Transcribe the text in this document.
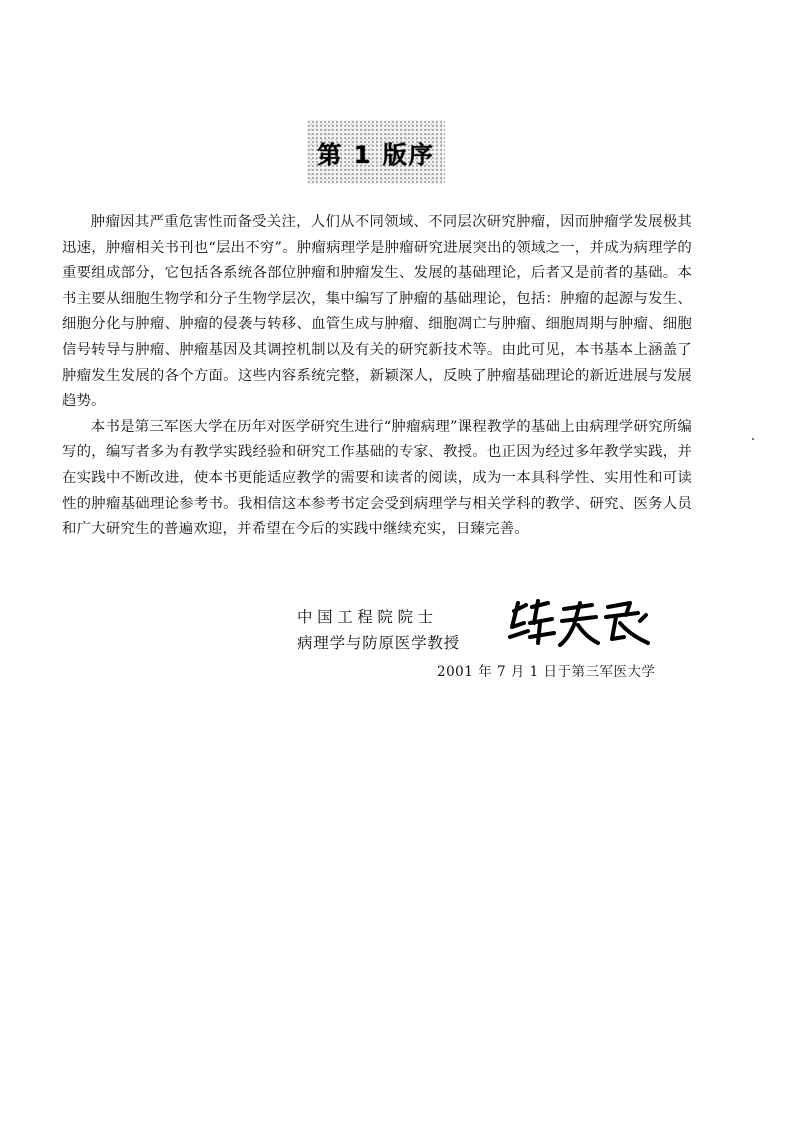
第 1 版序

肿瘤因其严重危害性而备受关注，人们从不同领域、不同层次研究肿瘤，因而肿瘤学发展极其迅速，肿瘤相关书刊也“层出不穷”。肿瘤病理学是肿瘤研究进展突出的领域之一，并成为病理学的重要组成部分，它包括各系统各部位肿瘤和肿瘤发生、发展的基础理论，后者又是前者的基础。本书主要从细胞生物学和分子生物学层次，集中编写了肿瘤的基础理论，包括：肿瘤的起源与发生、细胞分化与肿瘤、肿瘤的侵袭与转移、血管生成与肿瘤、细胞凋亡与肿瘤、细胞周期与肿瘤、细胞信号转导与肿瘤、肿瘤基因及其调控机制以及有关的研究新技术等。由此可见，本书基本上涵盖了肿瘤发生发展的各个方面。这些内容系统完整，新颖深人，反映了肿瘤基础理论的新近进展与发展趋势。

本书是第三军医大学在历年对医学研究生进行“肿瘤病理”课程教学的基础上由病理学研究所编写的，编写者多为有教学实践经验和研究工作基础的专家、教授。也正因为经过多年教学实践，并在实践中不断改进，使本书更能适应教学的需要和读者的阅读，成为一本具科学性、实用性和可读性的肿瘤基础理论参考书。我相信这本参考书定会受到病理学与相关学科的教学、研究、医务人员和广大研究生的普遍欢迎，并希望在今后的实践中继续充实，日臻完善。

中国工程院院士
病理学与防原医学教授
2001 年 7 月 1 日于第三军医大学
